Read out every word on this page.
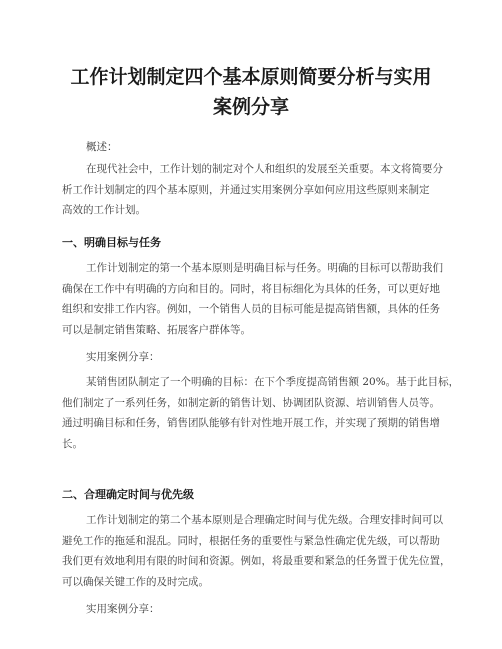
工作计划制定四个基本原则简要分析与实用
案例分享

概述：

在现代社会中，工作计划的制定对个人和组织的发展至关重要。本文将简要分
析工作计划制定的四个基本原则，并通过实用案例分享如何应用这些原则来制定
高效的工作计划。

一、明确目标与任务

工作计划制定的第一个基本原则是明确目标与任务。明确的目标可以帮助我们
确保在工作中有明确的方向和目的。同时，将目标细化为具体的任务，可以更好地
组织和安排工作内容。例如，一个销售人员的目标可能是提高销售额，具体的任务
可以是制定销售策略、拓展客户群体等。

实用案例分享：

某销售团队制定了一个明确的目标：在下个季度提高销售额 20%。基于此目标，
他们制定了一系列任务，如制定新的销售计划、协调团队资源、培训销售人员等。
通过明确目标和任务，销售团队能够有针对性地开展工作，并实现了预期的销售增
长。

二、合理确定时间与优先级

工作计划制定的第二个基本原则是合理确定时间与优先级。合理安排时间可以
避免工作的拖延和混乱。同时，根据任务的重要性与紧急性确定优先级，可以帮助
我们更有效地利用有限的时间和资源。例如，将最重要和紧急的任务置于优先位置，
可以确保关键工作的及时完成。

实用案例分享：
